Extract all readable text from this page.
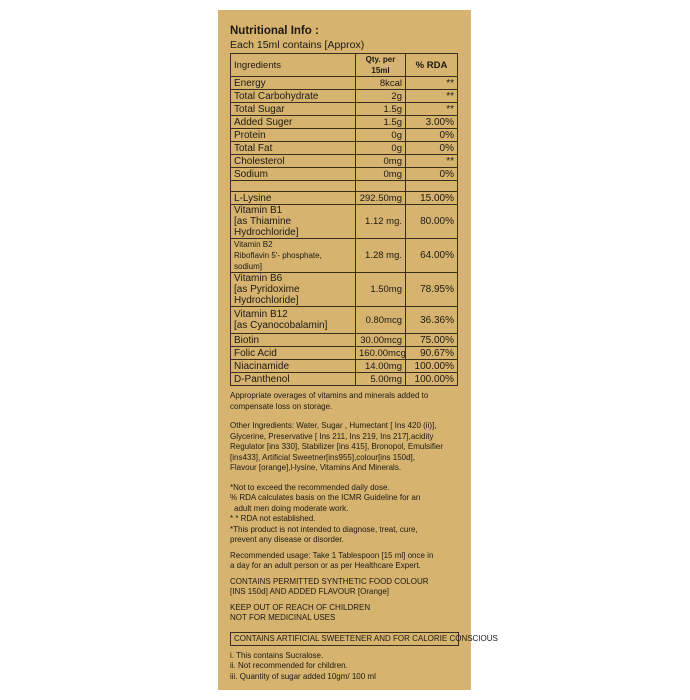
Nutritional Info :
Each 15ml contains [Approx)
Ingredients	Qty. per 15ml	% RDA
Energy	8kcal	**
Total Carbohydrate	2g	**
Total Sugar	1.5g	**
Added Suger	1.5g	3.00%
Protein	0g	0%
Total Fat	0g	0%
Cholesterol	0mg	**
Sodium	0mg	0%

L-Lysine	292.50mg	15.00%

Vitamin B1
[as Thiamine Hydrochloride]	1.12 mg.	80.00%

Vitamin B2
Riboflavin 5'- phosphate, sodium]	1.28 mg.	64.00%

Vitamin B6
[as Pyridoxime Hydrochloride]	1.50mg	78.95%

Vitamin B12
[as Cyanocobalamin]	0.80mcg	36.36%
Biotin	30.00mcg	75.00%
Folic Acid	160.00mcg	90.67%
Niacinamide	14.00mg	100.00%
D-Panthenol	5.00mg	100.00%
Appropriate overages of vitamins and minerals added to
compensate loss on storage.
Other Ingredients: Water, Sugar , Humectant [ Ins 420 (ii)],
Glycerine, Preservative [ Ins 211, Ins 219, Ins 217],acidity
Regulator [ins 330], Stabilizer [ins 415], Bronopol, Emulsifier
[ins433], Artificial Sweetner[ins955],colour[ins 150d],
Flavour [orange],l-lysine, Vitamins And Minerals.
*Not to exceed the recommended daily dose.
% RDA calculates basis on the ICMR Guideline for an
adult men doing moderate work.
* * RDA not established.
*This product is not intended to diagnose, treat, cure,
prevent any disease or disorder.
Recommended usage: Take 1 Tablespoon [15 ml] once in
a day for an adult person or as per Healthcare Expert.
CONTAINS PERMITTED SYNTHETIC FOOD COLOUR
[INS 150d] AND ADDED FLAVOUR [Orange]
KEEP OUT OF REACH OF CHILDREN
NOT FOR MEDICINAL USES
CONTAINS ARTIFICIAL SWEETENER AND FOR CALORIE CONSCIOUS
i. This contains Sucralose.
ii. Not recommended for children.
iii. Quantity of sugar added 10gm/ 100 ml
